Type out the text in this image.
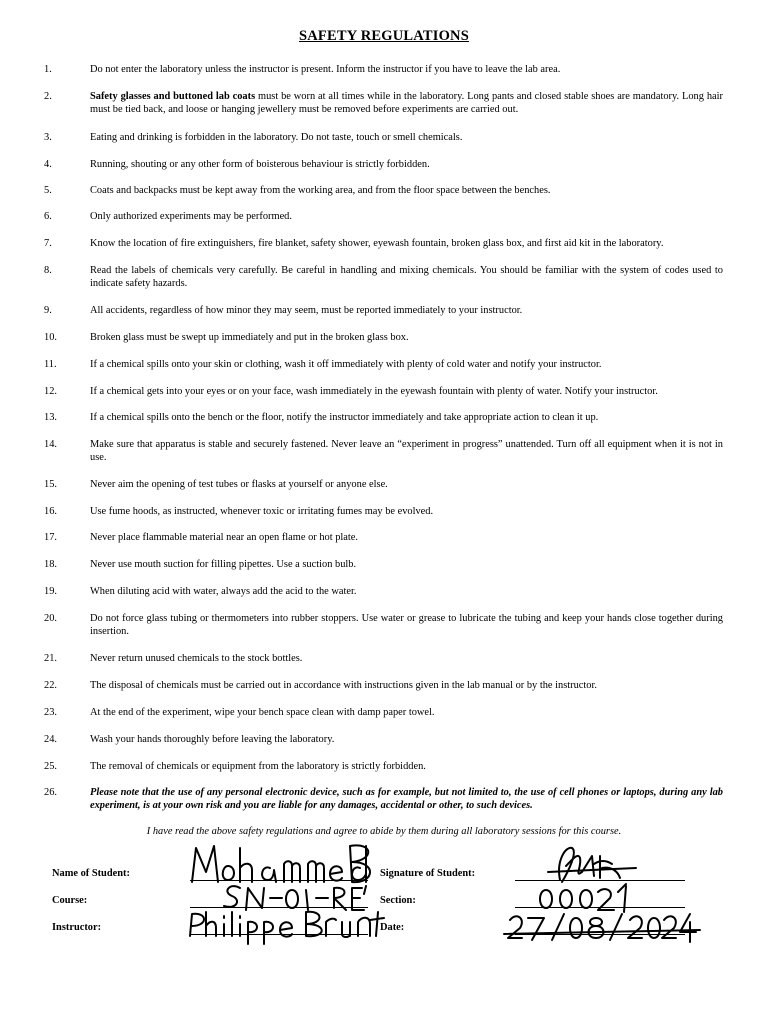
SAFETY REGULATIONS
1.	Do not enter the laboratory unless the instructor is present. Inform the instructor if you have to leave the lab area.
2.	Safety glasses and buttoned lab coats must be worn at all times while in the laboratory. Long pants and closed stable shoes are mandatory. Long hair must be tied back, and loose or hanging jewellery must be removed before experiments are carried out.
3.	Eating and drinking is forbidden in the laboratory. Do not taste, touch or smell chemicals.
4.	Running, shouting or any other form of boisterous behaviour is strictly forbidden.
5.	Coats and backpacks must be kept away from the working area, and from the floor space between the benches.
6.	Only authorized experiments may be performed.
7.	Know the location of fire extinguishers, fire blanket, safety shower, eyewash fountain, broken glass box, and first aid kit in the laboratory.
8.	Read the labels of chemicals very carefully. Be careful in handling and mixing chemicals. You should be familiar with the system of codes used to indicate safety hazards.
9.	All accidents, regardless of how minor they may seem, must be reported immediately to your instructor.
10.	Broken glass must be swept up immediately and put in the broken glass box.
11.	If a chemical spills onto your skin or clothing, wash it off immediately with plenty of cold water and notify your instructor.
12.	If a chemical gets into your eyes or on your face, wash immediately in the eyewash fountain with plenty of water. Notify your instructor.
13.	If a chemical spills onto the bench or the floor, notify the instructor immediately and take appropriate action to clean it up.
14.	Make sure that apparatus is stable and securely fastened. Never leave an “experiment in progress” unattended. Turn off all equipment when it is not in use.
15.	Never aim the opening of test tubes or flasks at yourself or anyone else.
16.	Use fume hoods, as instructed, whenever toxic or irritating fumes may be evolved.
17.	Never place flammable material near an open flame or hot plate.
18.	Never use mouth suction for filling pipettes. Use a suction bulb.
19.	When diluting acid with water, always add the acid to the water.
20.	Do not force glass tubing or thermometers into rubber stoppers. Use water or grease to lubricate the tubing and keep your hands close together during insertion.
21.	Never return unused chemicals to the stock bottles.
22.	The disposal of chemicals must be carried out in accordance with instructions given in the lab manual or by the instructor.
23.	At the end of the experiment, wipe your bench space clean with damp paper towel.
24.	Wash your hands thoroughly before leaving the laboratory.
25.	The removal of chemicals or equipment from the laboratory is strictly forbidden.
26.	Please note that the use of any personal electronic device, such as for example, but not limited to, the use of cell phones or laptops, during any lab experiment, is at your own risk and you are liable for any damages, accidental or other, to such devices.
I have read the above safety regulations and agree to abide by them during all laboratory sessions for this course.
Name of Student:
Course:
Instructor:
Signature of Student:
Section:
Date:
